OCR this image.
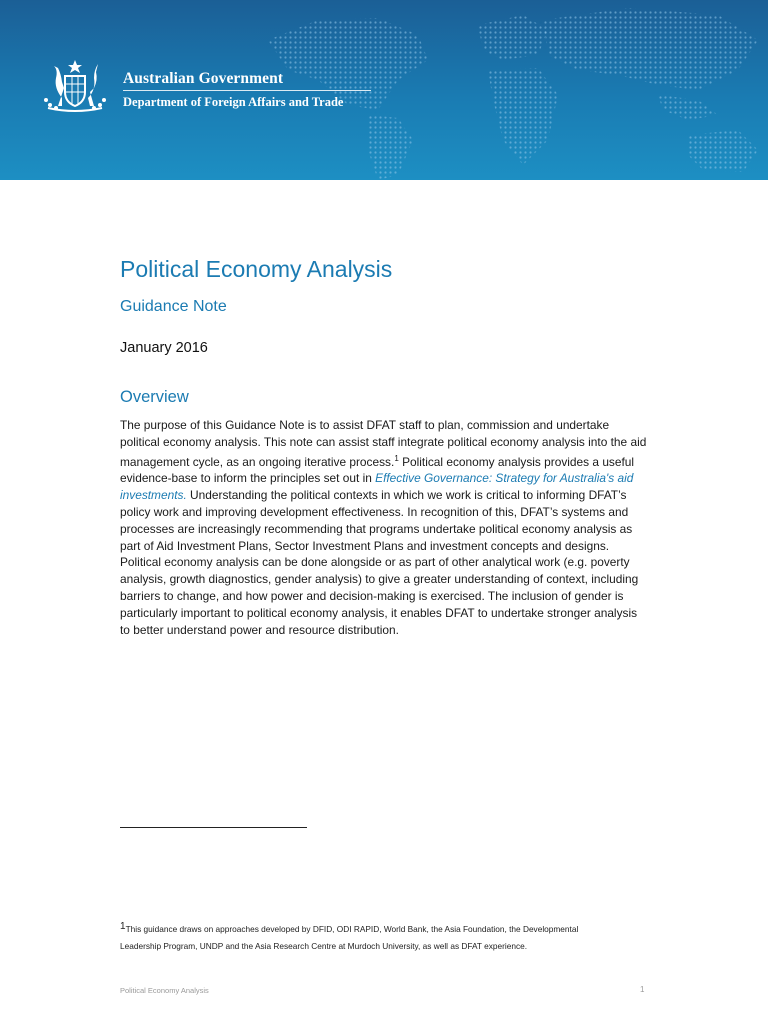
Australian Government
Department of Foreign Affairs and Trade
Political Economy Analysis
Guidance Note
January 2016
Overview

The purpose of this Guidance Note is to assist DFAT staff to plan, commission and undertake political economy analysis. This note can assist staff integrate political economy analysis into the aid management cycle, as an ongoing iterative process.$^1$ Political economy analysis provides a useful evidence-base to inform the principles set out in Effective Governance: Strategy for Australia's aid investments. Understanding the political contexts in which we work is critical to informing DFAT’s policy work and improving development effectiveness. In recognition of this, DFAT’s systems and processes are increasingly recommending that programs undertake political economy analysis as part of Aid Investment Plans, Sector Investment Plans and investment concepts and designs. Political economy analysis can be done alongside or as part of other analytical work (e.g. poverty analysis, growth diagnostics, gender analysis) to give a greater understanding of context, including barriers to change, and how power and decision-making is exercised. The inclusion of gender is particularly important to political economy analysis, it enables DFAT to undertake stronger analysis to better understand power and resource distribution.

$^1$This guidance draws on approaches developed by DFID, ODI RAPID, World Bank, the Asia Foundation, the Developmental Leadership Program, UNDP and the Asia Research Centre at Murdoch University, as well as DFAT experience.
Political Economy Analysis	1
